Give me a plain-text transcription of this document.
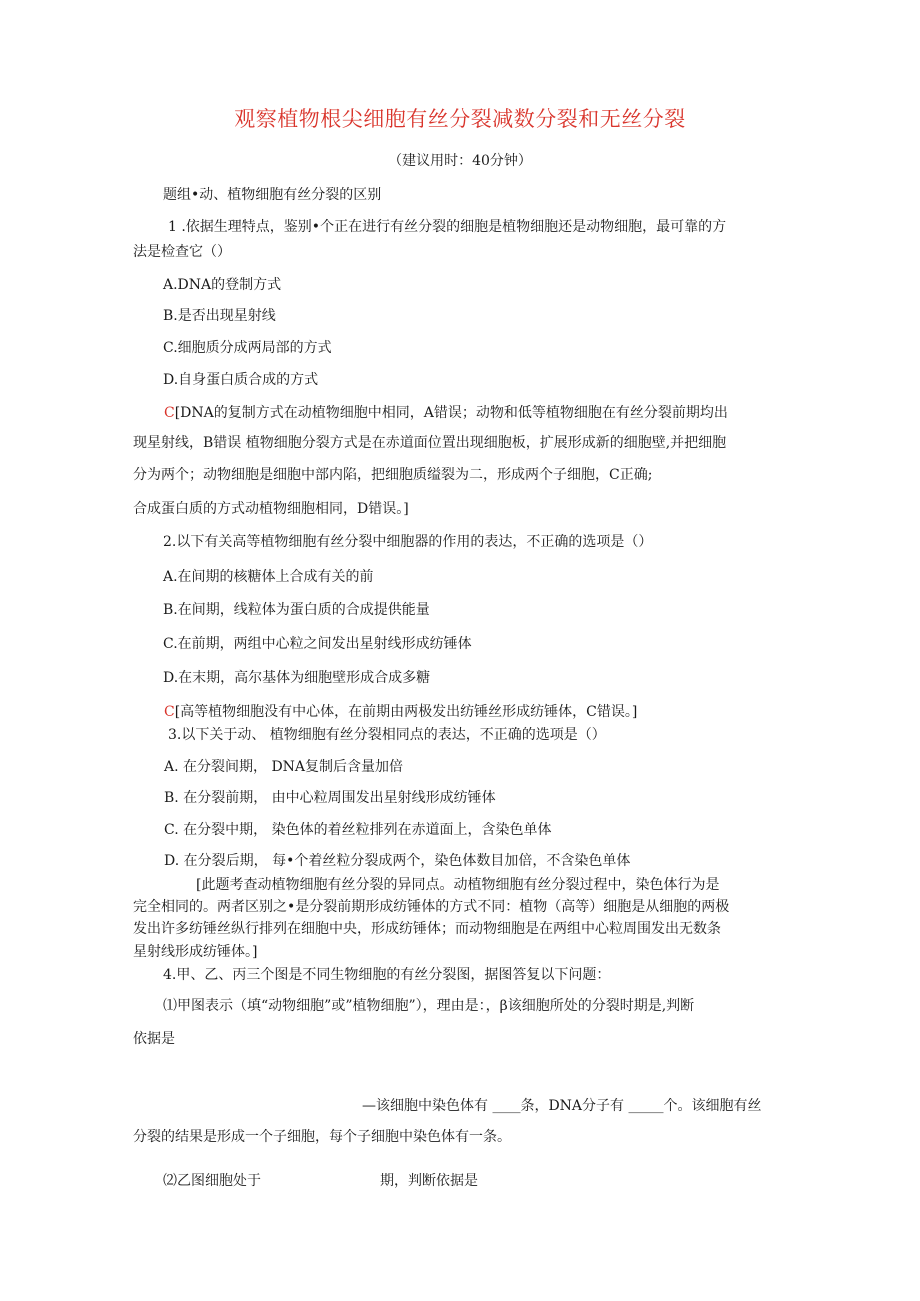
观察植物根尖细胞有丝分裂减数分裂和无丝分裂
（建议用时：40分钟）
题组•动、植物细胞有丝分裂的区别
1 .依据生理特点，鉴别•个正在进行有丝分裂的细胞是植物细胞还是动物细胞，最可靠的方
法是检查它（）
A.DNA的登制方式
B.是否出现星射线
C.细胞质分成两局部的方式
D.自身蛋白质合成的方式
C[DNA的复制方式在动植物细胞中相同，A错误；动物和低等植物细胞在有丝分裂前期均出
现星射线，B错误 植物细胞分裂方式是在赤道面位置出现细胞板，扩展形成新的细胞壁,并把细胞
分为两个；动物细胞是细胞中部内陷，把细胞质缢裂为二，形成两个子细胞，C正确;
合成蛋白质的方式动植物细胞相同，D错误。]
2.以下有关高等植物细胞有丝分裂中细胞器的作用的表达，不正确的选项是（）
A.在间期的核糖体上合成有关的前
B.在间期，线粒体为蛋白质的合成提供能量
C.在前期，两组中心粒之间发出星射线形成纺锤体
D.在末期，高尔基体为细胞壁形成合成多糖
C[高等植物细胞没有中心体，在前期由两极发出纺锤丝形成纺锤体，C错误。]
3.以下关于动、 植物细胞有丝分裂相同点的表达，不正确的选项是（）
A. 在分裂间期， DNA复制后含量加倍
B. 在分裂前期， 由中心粒周围发出星射线形成纺锤体
C. 在分裂中期， 染色体的着丝粒排列在赤道面上，含染色单体
D. 在分裂后期， 每•个着丝粒分裂成两个，染色体数目加倍，不含染色单体
[此题考查动植物细胞有丝分裂的异同点。动植物细胞有丝分裂过程中，染色体行为是
完全相同的。两者区别之•是分裂前期形成纺锤体的方式不同：植物（高等）细胞是从细胞的两极
发出许多纺锤丝纵行排列在细胞中央，形成纺锤体；而动物细胞是在两组中心粒周围发出无数条
星射线形成纺锤体。]
4.甲、乙、丙三个图是不同生物细胞的有丝分裂图，据图答复以下问题：
⑴甲图表示（填“动物细胞”或”植物细胞”），理由是：，β该细胞所处的分裂时期是,判断
依据是
—该细胞中染色体有 ____条，DNA分子有 _____个。该细胞有丝
分裂的结果是形成一个子细胞，每个子细胞中染色体有一条。
⑵乙图细胞处于	期，判断依据是
